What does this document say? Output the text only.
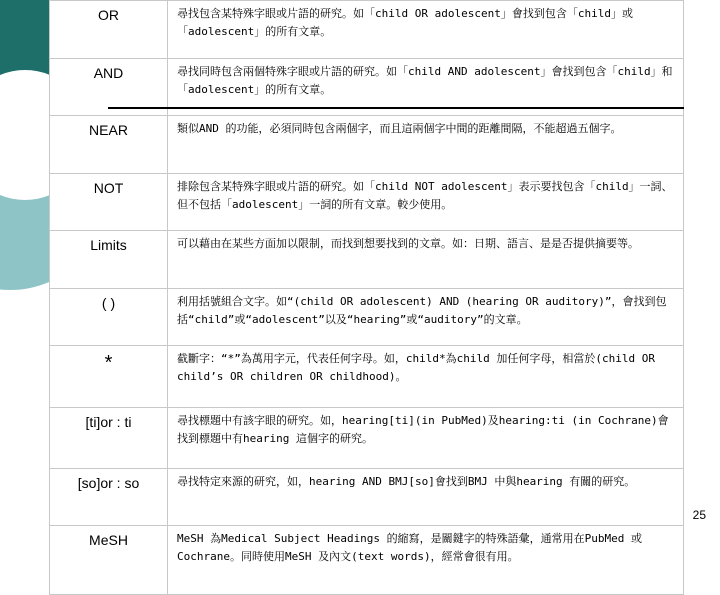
OR	尋找包含某特殊字眼或片語的研究。如「child OR adolescent」會找到包含「child」或「adolescent」的所有文章。
AND	尋找同時包含兩個特殊字眼或片語的研究。如「child AND adolescent」會找到包含「child」和「adolescent」的所有文章。
NEAR	類似AND 的功能，必須同時包含兩個字，而且這兩個字中間的距離間隔，不能超過五個字。
NOT	排除包含某特殊字眼或片語的研究。如「child NOT adolescent」表示要找包含「child」一詞、但不包括「adolescent」一詞的所有文章。較少使用。
Limits	可以藉由在某些方面加以限制，而找到想要找到的文章。如：日期、語言、是是否提供摘要等。
( )	利用括號組合文字。如“(child OR adolescent) AND (hearing OR auditory)”，會找到包括“child”或“adolescent”以及“hearing”或“auditory”的文章。
*	截斷字：“*”為萬用字元，代表任何字母。如，child*為child 加任何字母，相當於(child OR child’s OR children OR childhood)。
[ti]or : ti	尋找標題中有該字眼的研究。如，hearing[ti](in PubMed)及hearing:ti (in Cochrane)會找到標題中有hearing 這個字的研究。
[so]or : so	尋找特定來源的研究，如，hearing AND BMJ[so]會找到BMJ 中與hearing 有關的研究。
MeSH	MeSH 為Medical Subject Headings 的縮寫，是關鍵字的特殊語彙，通常用在PubMed 或Cochrane。同時使用MeSH 及內文(text words)，經常會很有用。
25
